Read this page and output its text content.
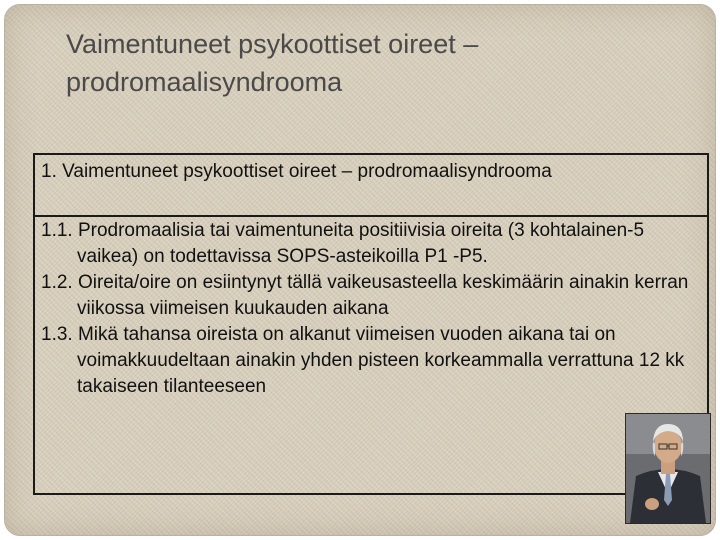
Vaimentuneet psykoottiset oireet – prodromaalisyndrooma
1. Vaimentuneet psykoottiset oireet – prodromaalisyndrooma

1.1. Prodromaalisia tai vaimentuneita positiivisia oireita (3 kohtalainen-5 vaikea) on todettavissa SOPS-asteikoilla P1 -P5.

1.2. Oireita/oire on esiintynyt tällä vaikeusasteella keskimäärin ainakin kerran viikossa viimeisen kuukauden aikana

1.3. Mikä tahansa oireista on alkanut viimeisen vuoden aikana tai on voimakkuudeltaan ainakin yhden pisteen korkeammalla verrattuna 12 kk takaiseen tilanteeseen
